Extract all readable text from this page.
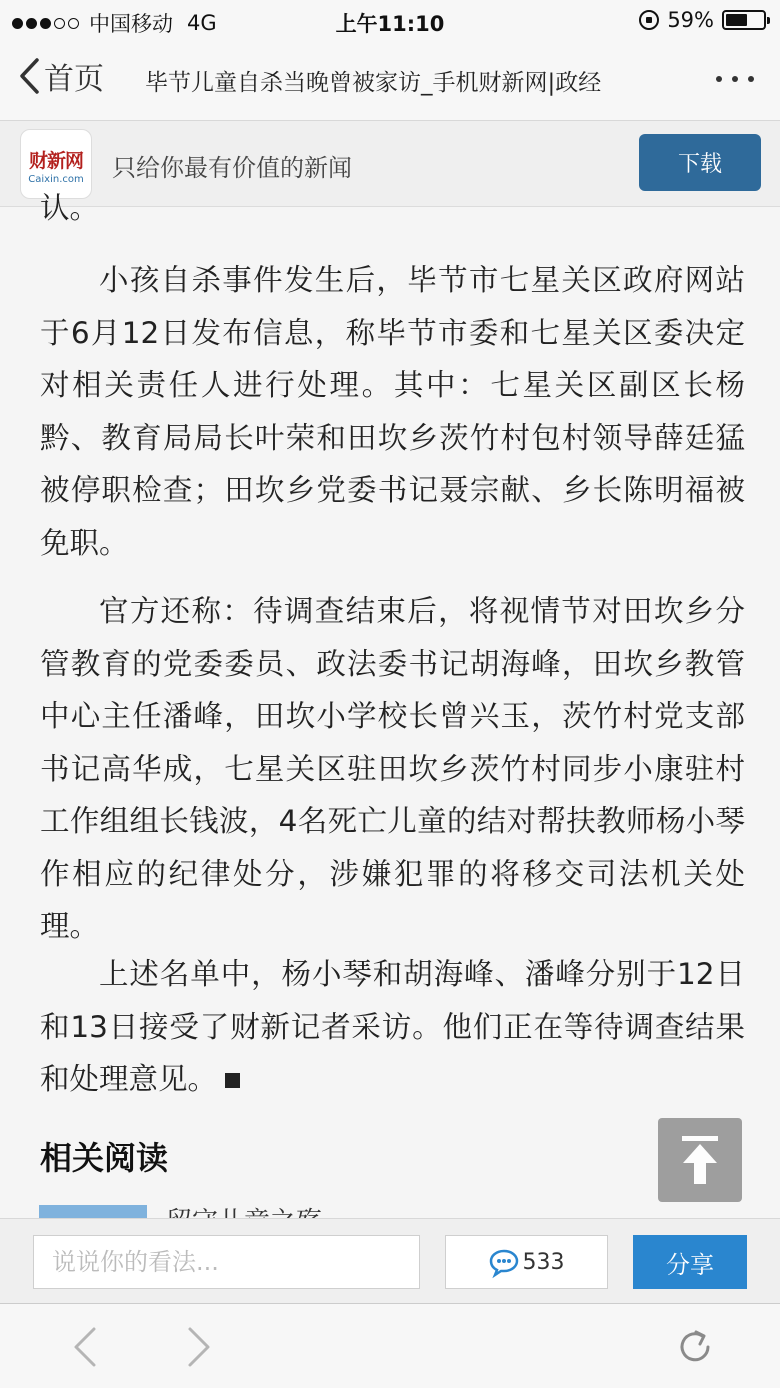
中国移动 4G	上午11:10	59%
首页 毕节儿童自杀当晚曾被家访_手机财新网|政经
财新网
Caixin.com	只给你最有价值的新闻	下载

认。

小孩自杀事件发生后，毕节市七星关区政府网站于6月12日发布信息，称毕节市委和七星关区委决定对相关责任人进行处理。其中：七星关区副区长杨黔、教育局局长叶荣和田坎乡茨竹村包村领导薛廷猛被停职检查；田坎乡党委书记聂宗献、乡长陈明福被免职。

官方还称：待调查结束后，将视情节对田坎乡分管教育的党委委员、政法委书记胡海峰，田坎乡教管中心主任潘峰，田坎小学校长曾兴玉，茨竹村党支部书记高华成，七星关区驻田坎乡茨竹村同步小康驻村工作组组长钱波，4名死亡儿童的结对帮扶教师杨小琴作相应的纪律处分，涉嫌犯罪的将移交司法机关处理。

上述名单中，杨小琴和胡海峰、潘峰分别于12日和13日接受了财新记者采访。他们正在等待调查结果和处理意见。

相关阅读
说说你的看法...
533	分享
